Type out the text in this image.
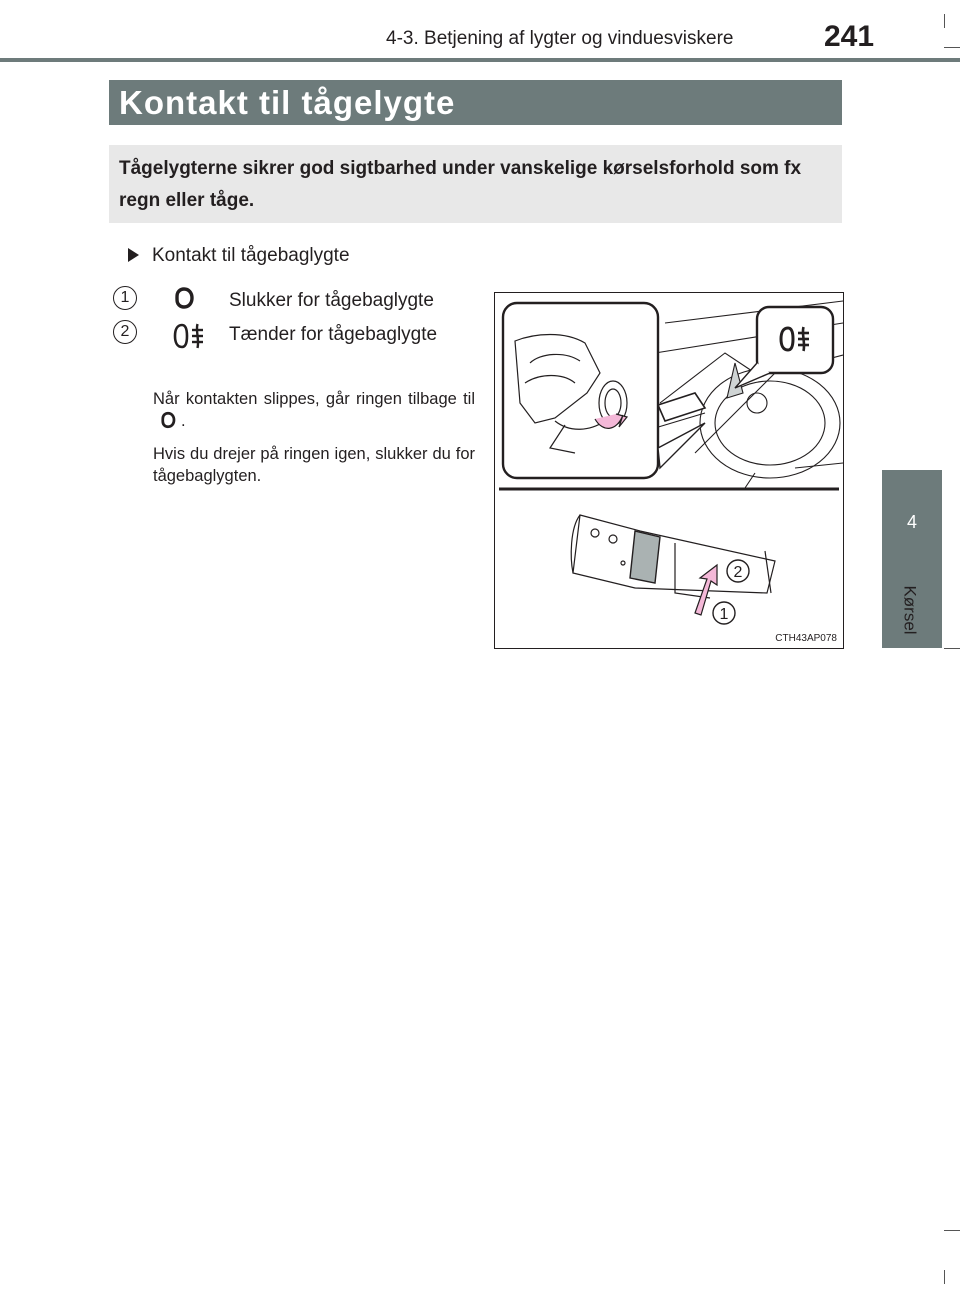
4-3. Betjening af lygter og vinduesviskere	241
4
Kørsel
Kontakt til tågelygte

Tågelygterne sikrer god sigtbarhed under vanskelige kørselsforhold som fx regn eller tåge.

Kontakt til tågebaglygte
1	Slukker for tågebaglygte
2	Tænder for tågebaglygte
Når kontakten slippes, går ringen tilbage til.
Hvis du drejer på ringen igen, slukker du for tågebaglygten.
2
1
CTH43AP078
